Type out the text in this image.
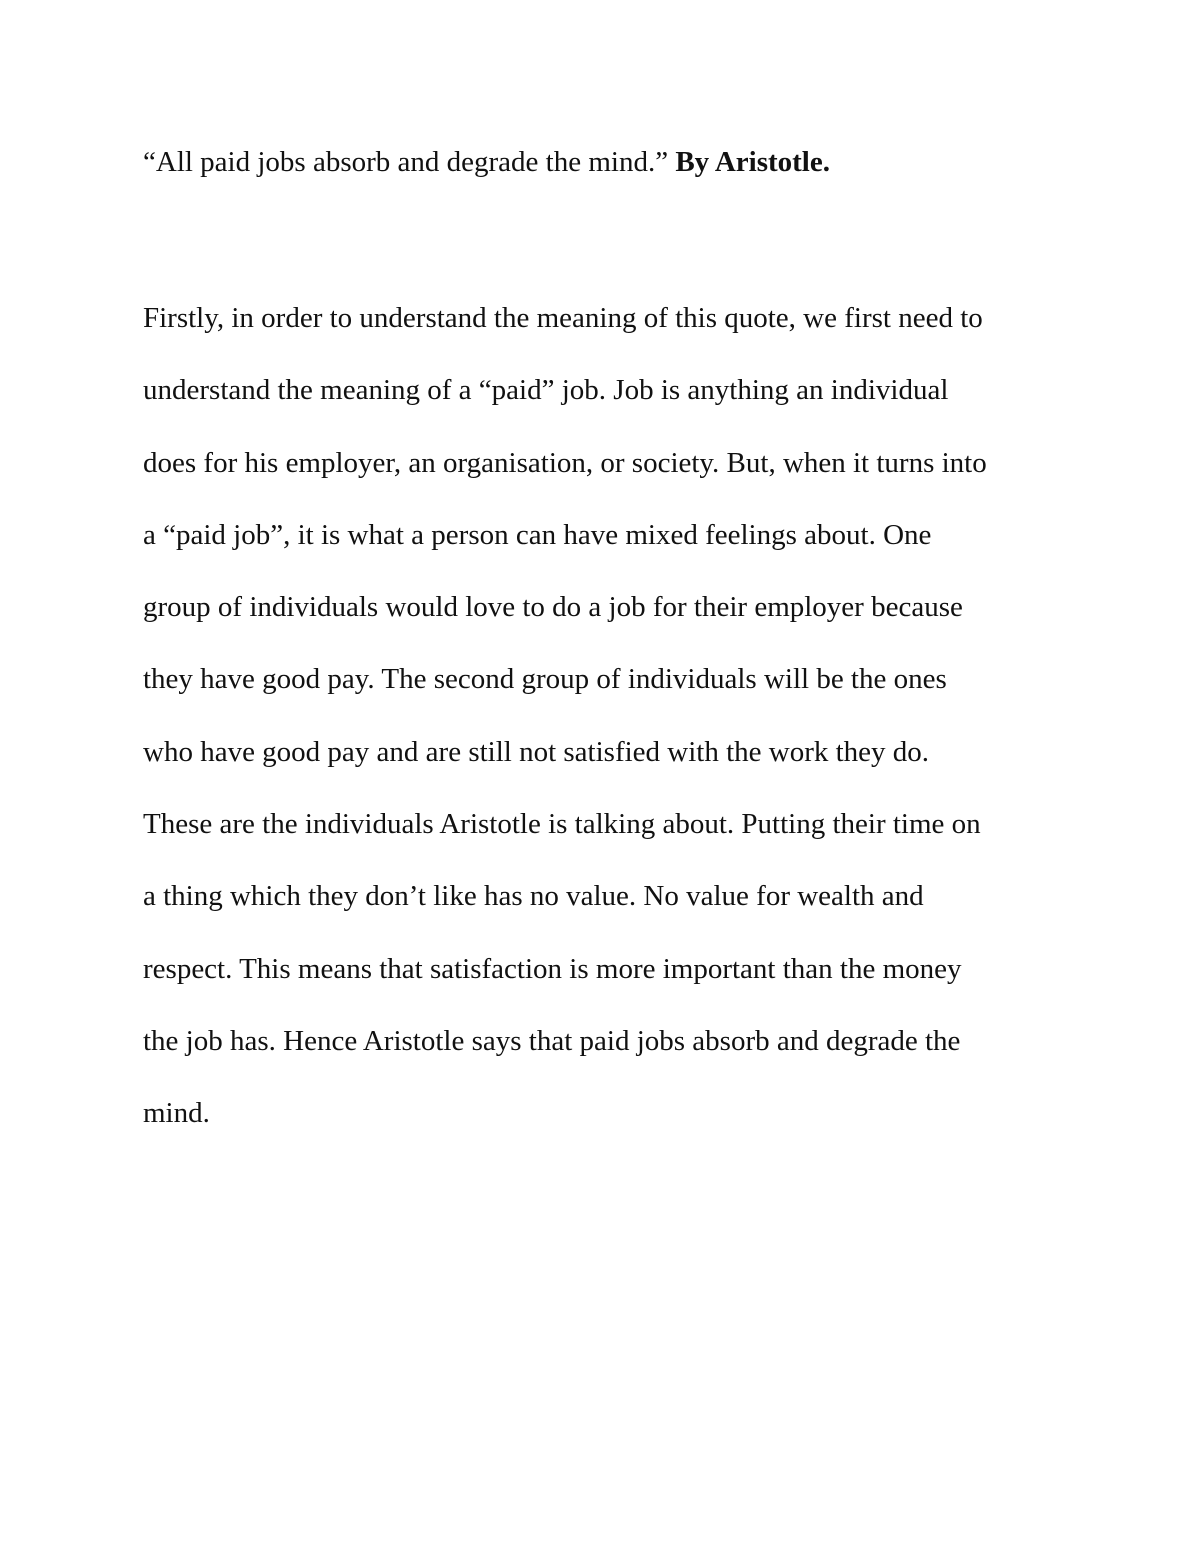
“All paid jobs absorb and degrade the mind.” By Aristotle.

Firstly, in order to understand the meaning of this quote, we first need to
understand the meaning of a “paid” job. Job is anything an individual
does for his employer, an organisation, or society. But, when it turns into
a “paid job”, it is what a person can have mixed feelings about. One
group of individuals would love to do a job for their employer because
they have good pay. The second group of individuals will be the ones
who have good pay and are still not satisfied with the work they do.
These are the individuals Aristotle is talking about. Putting their time on
a thing which they don’t like has no value. No value for wealth and
respect. This means that satisfaction is more important than the money
the job has. Hence Aristotle says that paid jobs absorb and degrade the
mind.
